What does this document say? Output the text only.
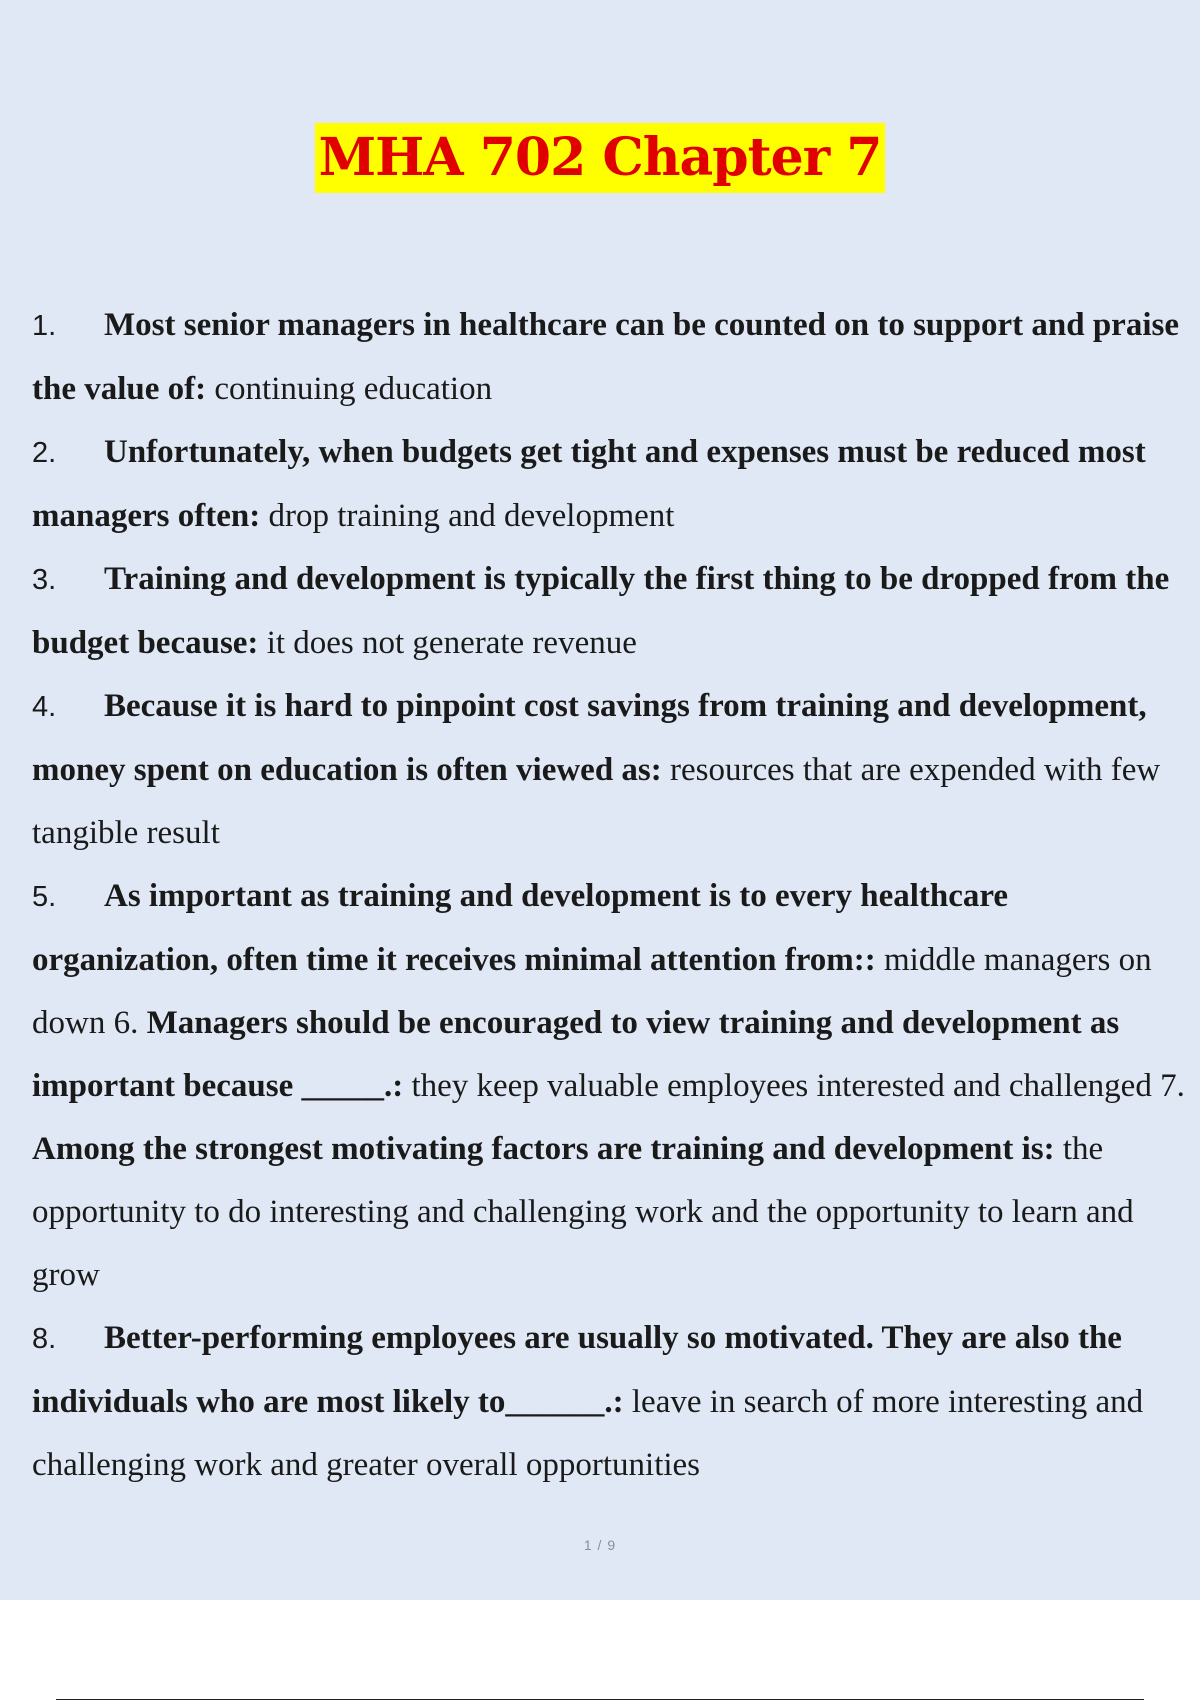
MHA 702 Chapter 7

1. Most senior managers in healthcare can be counted on to support and praise the value of: continuing education

2. Unfortunately, when budgets get tight and expenses must be reduced most managers often: drop training and development

3. Training and development is typically the first thing to be dropped from the budget because: it does not generate revenue

4. Because it is hard to pinpoint cost savings from training and development, money spent on education is often viewed as: resources that are expended with few tangible result

5. As important as training and development is to every healthcare organization, often time it receives minimal attention from:: middle managers on down 6. Managers should be encouraged to view training and development as important because _____.: they keep valuable employees interested and challenged 7. Among the strongest motivating factors are training and development is: the opportunity to do interesting and challenging work and the opportunity to learn and grow

8. Better-performing employees are usually so motivated. They are also the individuals who are most likely to______.: leave in search of more interesting and challenging work and greater overall opportunities

1 / 9
